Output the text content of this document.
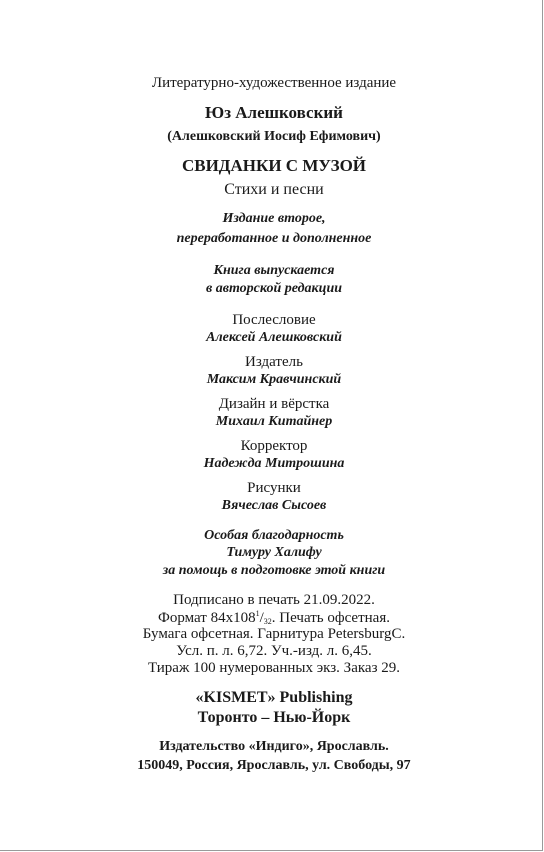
Литературно-художественное издание
Юз Алешковский
(Алешковский Иосиф Ефимович)
СВИДАНКИ С МУЗОЙ
Стихи и песни
Издание второе,
переработанное и дополненное
Книга выпускается
в авторской редакции
Послесловие
Алексей Алешковский
Издатель
Максим Кравчинский
Дизайн и вёрстка
Михаил Китайнер
Корректор
Надежда Митрошина
Рисунки
Вячеслав Сысоев
Особая благодарность
Тимуру Халифу
за помощь в подготовке этой книги
Подписано в печать 21.09.2022.
Формат $84х108^1/_{32}$. Печать офсетная.
Бумага офсетная. Гарнитура PetersburgC.
Усл. п. л. 6,72. Уч.-изд. л. 6,45.
Тираж 100 нумерованных экз. Заказ 29.
«KISMET» Publishing
Торонто – Нью-Йорк
Издательство «Индиго», Ярославль.
150049, Россия, Ярославль, ул. Свободы, 97
